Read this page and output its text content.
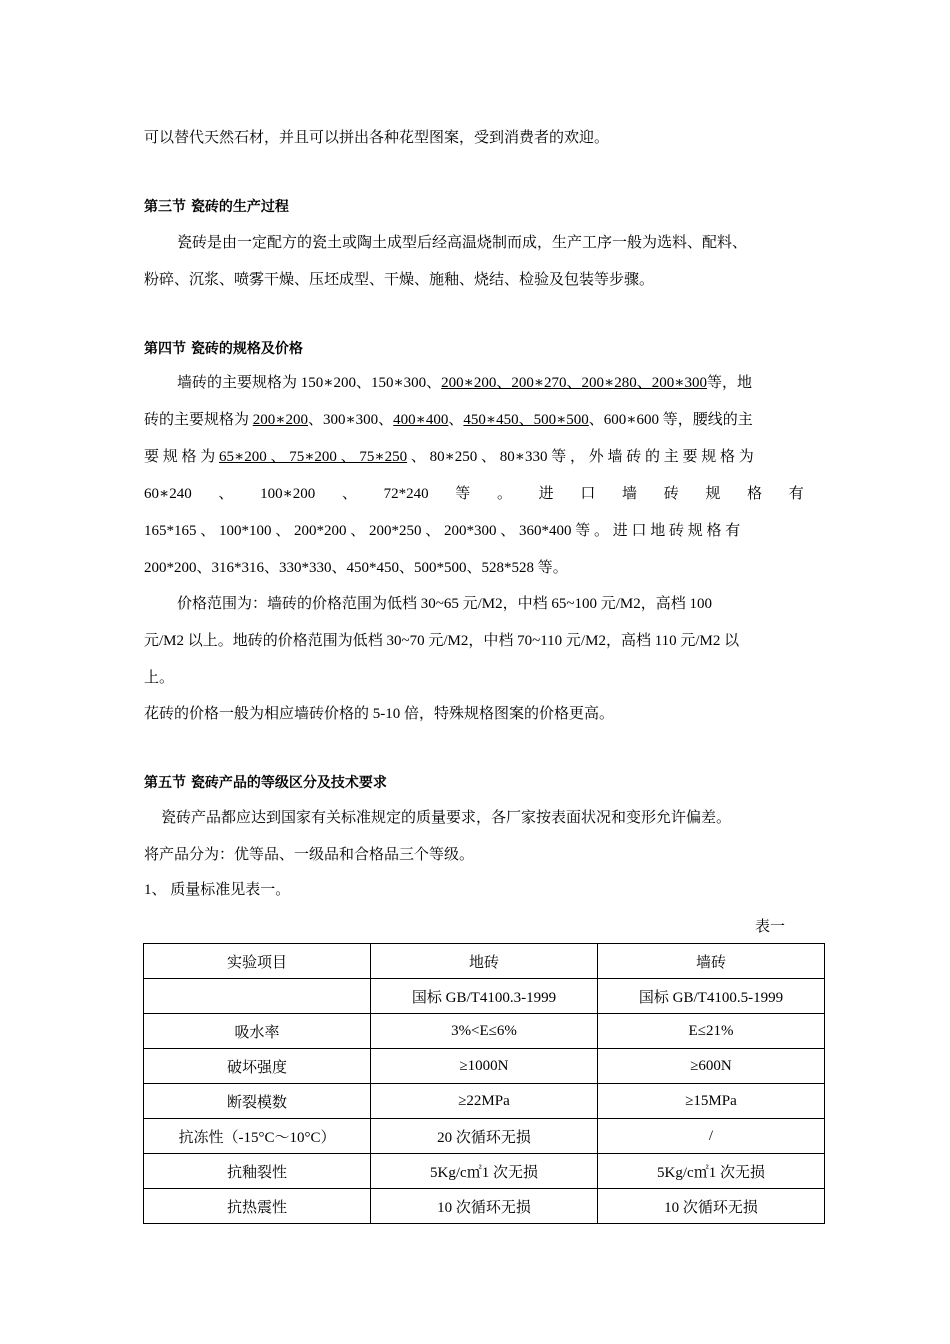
可以替代天然石材，并且可以拼出各种花型图案，受到消费者的欢迎。
第三节 瓷砖的生产过程
瓷砖是由一定配方的瓷土或陶土成型后经高温烧制而成，生产工序一般为选料、配料、
粉碎、沉浆、喷雾干燥、压坯成型、干燥、施釉、烧结、检验及包装等步骤。
第四节 瓷砖的规格及价格
墙砖的主要规格为 150∗200、150∗300、200∗200、200∗270、200∗280、200∗300等，地
砖的主要规格为 200∗200、300∗300、400∗400、450∗450、500∗500、600∗600 等，腰线的主
要 规 格 为 65∗200 、 75∗200 、 75∗250 、 80∗250 、 80∗330 等 ， 外 墙 砖 的 主 要 规 格 为
60∗240 、 100∗200 、 72*240 等 。 进 口 墙 砖 规 格 有
165*165 、 100*100 、 200*200 、 200*250 、 200*300 、 360*400 等 。 进 口 地 砖 规 格 有
200*200、316*316、330*330、450*450、500*500、528*528 等。
价格范围为：墙砖的价格范围为低档 30~65 元/M2，中档 65~100 元/M2，高档 100
元/M2 以上。地砖的价格范围为低档 30~70 元/M2，中档 70~110 元/M2，高档 110 元/M2 以
上。
花砖的价格一般为相应墙砖价格的 5-10 倍，特殊规格图案的价格更高。
第五节 瓷砖产品的等级区分及技术要求
瓷砖产品都应达到国家有关标准规定的质量要求，各厂家按表面状况和变形允许偏差。
将产品分为：优等品、一级品和合格品三个等级。
1、 质量标准见表一。
表一
实验项目	地砖	墙砖
	国标 GB/T4100.3-1999	国标 GB/T4100.5-1999
吸水率	3%<E≤6%	E≤21%
破坏强度	≥1000N	≥600N
断裂模数	≥22MPa	≥15MPa
抗冻性（-15°C～10°C）	20 次循环无损	/
抗釉裂性	5Kg/c㎡1 次无损	5Kg/c㎡1 次无损
抗热震性	10 次循环无损	10 次循环无损
